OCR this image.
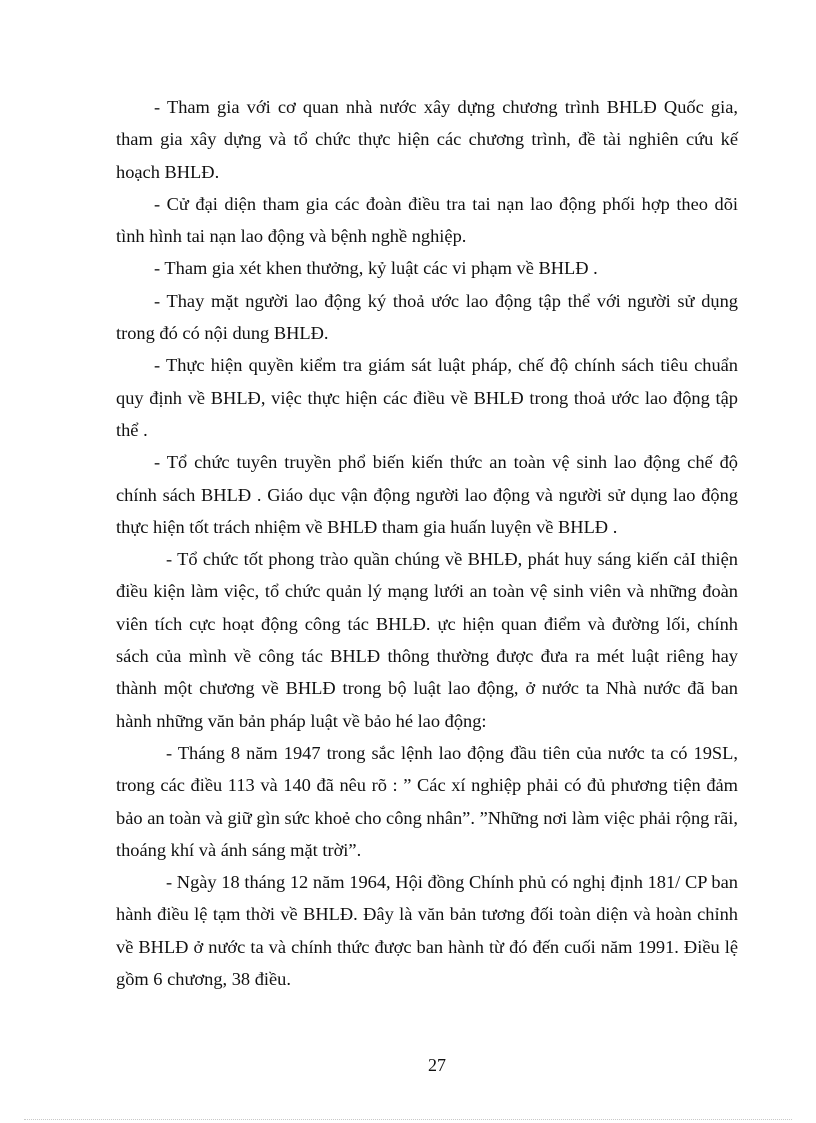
- Tham gia với cơ quan nhà nước xây dựng chương trình BHLĐ Quốc gia, tham gia xây dựng và tổ chức thực hiện các chương trình, đề tài nghiên cứu kế hoạch BHLĐ.

- Cử đại diện tham gia các đoàn điều tra tai nạn lao động phối hợp theo dõi tình hình tai nạn lao động và bệnh nghề nghiệp.

- Tham gia xét khen thưởng, kỷ luật các vi phạm về BHLĐ .

- Thay mặt người lao động ký thoả ước lao động tập thể với người sử dụng trong đó có nội dung BHLĐ.

- Thực hiện quyền kiểm tra giám sát luật pháp, chế độ chính sách tiêu chuẩn quy định về BHLĐ, việc thực hiện các điều về BHLĐ trong thoả ước lao động tập thể .

- Tổ chức tuyên truyền phổ biến kiến thức an toàn vệ sinh lao động chế độ chính sách BHLĐ . Giáo dục vận động người lao động và người sử dụng lao động thực hiện tốt trách nhiệm về BHLĐ tham gia huấn luyện về BHLĐ .

- Tổ chức tốt phong trào quần chúng về BHLĐ, phát huy sáng kiến cảI thiện điều kiện làm việc, tổ chức quản lý mạng lưới an toàn vệ sinh viên và những đoàn viên tích cực hoạt động công tác BHLĐ. ực hiện quan điểm và đường lối, chính sách của mình về công tác BHLĐ thông thường được đưa ra mét luật riêng hay thành một chương về BHLĐ trong bộ luật lao động, ở nước ta Nhà nước đã ban hành những văn bản pháp luật về bảo hé lao động:

- Tháng 8 năm 1947 trong sắc lệnh lao động đầu tiên của nước ta có 19SL, trong các điều 113 và 140 đã nêu rõ : ” Các xí nghiệp phải có đủ phương tiện đảm bảo an toàn và giữ gìn sức khoẻ cho công nhân”. ”Những nơi làm việc phải rộng rãi, thoáng khí và ánh sáng mặt trời”.

- Ngày 18 tháng 12 năm 1964, Hội đồng Chính phủ có nghị định 181/ CP ban hành điều lệ tạm thời về BHLĐ. Đây là văn bản tương đối toàn diện và hoàn chỉnh về BHLĐ ở nước ta và chính thức được ban hành từ đó đến cuối năm 1991. Điều lệ gồm 6 chương, 38 điều.

27
